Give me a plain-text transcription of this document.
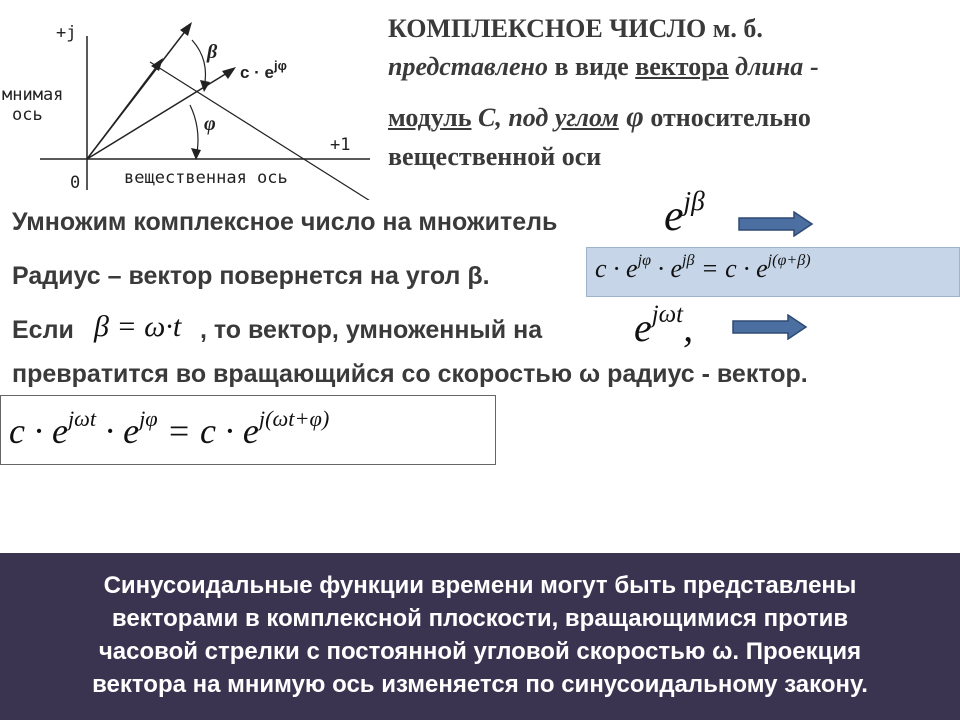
+j
+1
0
мнимая
ось
вещественная ось
$c \cdot e^{j\varphi}$
β
φ
КОМПЛЕКСНОЕ ЧИСЛО м. б.
представлено в виде вектора длина -
модуль С, под углом φ относительно
вещественной оси
Умножим комплексное число на множитель $e^{j\beta}$
Радиус – вектор повернется на угол β.	$c \cdot e^{j\varphi} \cdot e^{j\beta} = c \cdot e^{j(\varphi+\beta)}$
Если β = ω·t , то вектор, умноженный на $e^{j\omega t}$,
превратится во вращающийся со скоростью ω радиус - вектор.
$c \cdot e^{j\omega t} \cdot e^{j\varphi} = c \cdot e^{j(\omega t+\varphi)}$
Синусоидальные функции времени могут быть представлены
векторами в комплексной плоскости, вращающимися против
часовой стрелки с постоянной угловой скоростью ω. Проекция
вектора на мнимую ось изменяется по синусоидальному закону.
